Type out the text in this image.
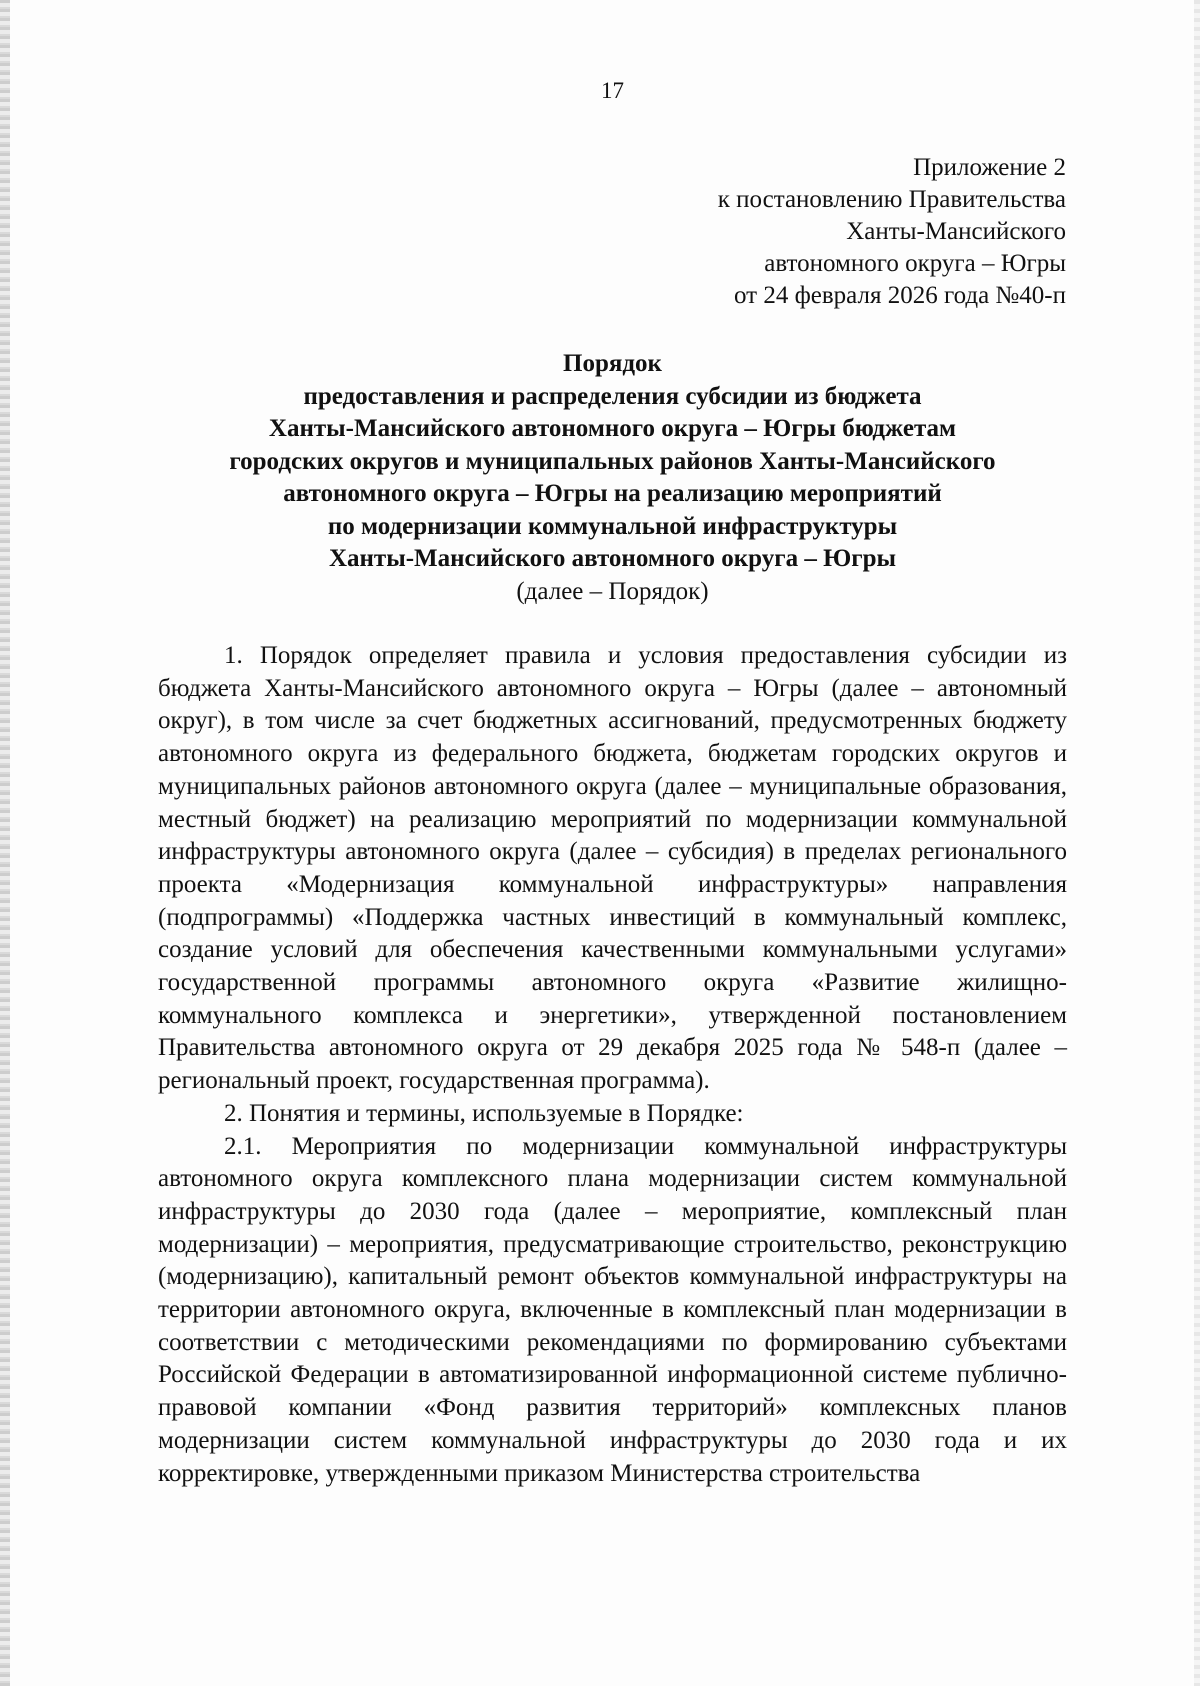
17
Приложение 2
к постановлению Правительства
Ханты-Мансийского
автономного округа – Югры
от 24 февраля 2026 года №40-п
Порядок
предоставления и распределения субсидии из бюджета
Ханты-Мансийского автономного округа – Югры бюджетам
городских округов и муниципальных районов Ханты-Мансийского
автономного округа – Югры на реализацию мероприятий
по модернизации коммунальной инфраструктуры
Ханты-Мансийского автономного округа – Югры
(далее – Порядок)

1. Порядок определяет правила и условия предоставления субсидии из бюджета Ханты-Мансийского автономного округа – Югры (далее – автономный округ), в том числе за счет бюджетных ассигнований, предусмотренных бюджету автономного округа из федерального бюджета, бюджетам городских округов и муниципальных районов автономного округа (далее – муниципальные образования, местный бюджет) на реализацию мероприятий по модернизации коммунальной инфраструктуры автономного округа (далее – субсидия) в пределах регионального проекта «Модернизация коммунальной инфраструктуры» направления (подпрограммы) «Поддержка частных инвестиций в коммунальный комплекс, создание условий для обеспечения качественными коммунальными услугами» государственной программы автономного округа «Развитие жилищно-коммунального комплекса и энергетики», утвержденной постановлением Правительства автономного округа от 29 декабря 2025 года № 548-п (далее – региональный проект, государственная программа).

2. Понятия и термины, используемые в Порядке:

2.1. Мероприятия по модернизации коммунальной инфраструктуры автономного округа комплексного плана модернизации систем коммунальной инфраструктуры до 2030 года (далее – мероприятие, комплексный план модернизации) – мероприятия, предусматривающие строительство, реконструкцию (модернизацию), капитальный ремонт объектов коммунальной инфраструктуры на территории автономного округа, включенные в комплексный план модернизации в соответствии с методическими рекомендациями по формированию субъектами Российской Федерации в автоматизированной информационной системе публично-правовой компании «Фонд развития территорий» комплексных планов модернизации систем коммунальной инфраструктуры до 2030 года и их корректировке, утвержденными приказом Министерства строительства
